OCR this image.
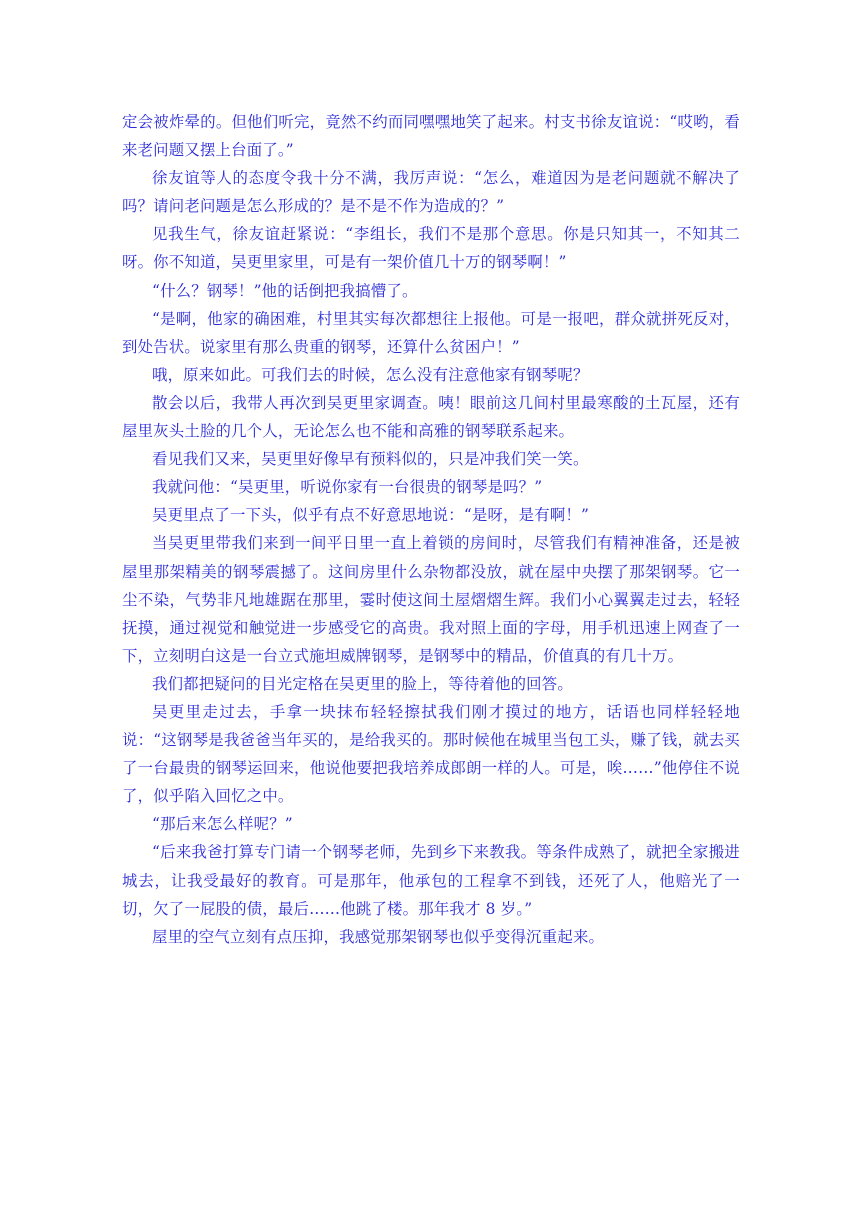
定会被炸晕的。但他们听完，竟然不约而同嘿嘿地笑了起来。村支书徐友谊说：“哎哟，看来老问题又摆上台面了。”

徐友谊等人的态度令我十分不满，我厉声说：“怎么，难道因为是老问题就不解决了吗？请问老问题是怎么形成的？是不是不作为造成的？”

见我生气，徐友谊赶紧说：“李组长，我们不是那个意思。你是只知其一，不知其二呀。你不知道，吴更里家里，可是有一架价值几十万的钢琴啊！”

“什么？钢琴！”他的话倒把我搞懵了。

“是啊，他家的确困难，村里其实每次都想往上报他。可是一报吧，群众就拼死反对，到处告状。说家里有那么贵重的钢琴，还算什么贫困户！”

哦，原来如此。可我们去的时候，怎么没有注意他家有钢琴呢？

散会以后，我带人再次到吴更里家调查。咦！眼前这几间村里最寒酸的土瓦屋，还有屋里灰头土脸的几个人，无论怎么也不能和高雅的钢琴联系起来。

看见我们又来，吴更里好像早有预料似的，只是冲我们笑一笑。

我就问他：“吴更里，听说你家有一台很贵的钢琴是吗？”

吴更里点了一下头，似乎有点不好意思地说：“是呀，是有啊！”

当吴更里带我们来到一间平日里一直上着锁的房间时，尽管我们有精神准备，还是被屋里那架精美的钢琴震撼了。这间房里什么杂物都没放，就在屋中央摆了那架钢琴。它一尘不染，气势非凡地雄踞在那里，霎时使这间土屋熠熠生辉。我们小心翼翼走过去，轻轻抚摸，通过视觉和触觉进一步感受它的高贵。我对照上面的字母，用手机迅速上网查了一下，立刻明白这是一台立式施坦威牌钢琴，是钢琴中的精品，价值真的有几十万。

我们都把疑问的目光定格在吴更里的脸上，等待着他的回答。

吴更里走过去，手拿一块抹布轻轻擦拭我们刚才摸过的地方，话语也同样轻轻地说：“这钢琴是我爸爸当年买的，是给我买的。那时候他在城里当包工头，赚了钱，就去买了一台最贵的钢琴运回来，他说他要把我培养成郎朗一样的人。可是，唉……”他停住不说了，似乎陷入回忆之中。

“那后来怎么样呢？”

“后来我爸打算专门请一个钢琴老师，先到乡下来教我。等条件成熟了，就把全家搬进城去，让我受最好的教育。可是那年，他承包的工程拿不到钱，还死了人，他赔光了一切，欠了一屁股的债，最后……他跳了楼。那年我才 8 岁。”

屋里的空气立刻有点压抑，我感觉那架钢琴也似乎变得沉重起来。
